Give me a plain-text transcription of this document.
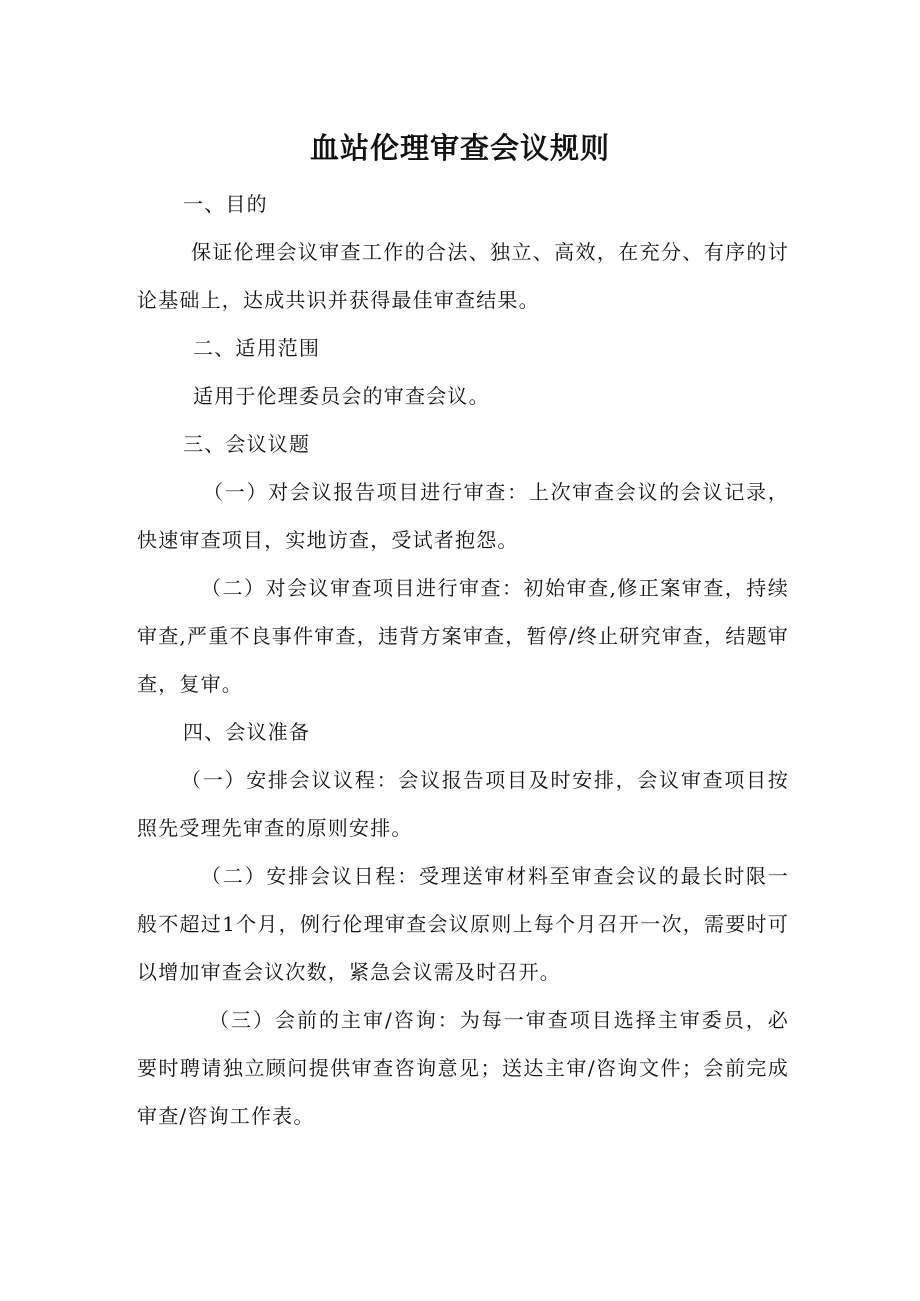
血站伦理审查会议规则

一、目的

保证伦理会议审查工作的合法、独立、高效，在充分、有序的讨论基础上，达成共识并获得最佳审查结果。

二、适用范围

适用于伦理委员会的审查会议。

三、会议议题

（一）对会议报告项目进行审查：上次审查会议的会议记录，快速审查项目，实地访查，受试者抱怨。

（二）对会议审查项目进行审查：初始审查,修正案审查，持续审查,严重不良事件审查，违背方案审查，暂停/终止研究审查，结题审查，复审。

四、会议准备

（一）安排会议议程：会议报告项目及时安排，会议审查项目按照先受理先审查的原则安排。

（二）安排会议日程：受理送审材料至审查会议的最长时限一般不超过1个月，例行伦理审查会议原则上每个月召开一次，需要时可以增加审查会议次数，紧急会议需及时召开。

（三）会前的主审/咨询：为每一审查项目选择主审委员，必要时聘请独立顾问提供审查咨询意见；送达主审/咨询文件；会前完成审查/咨询工作表。
